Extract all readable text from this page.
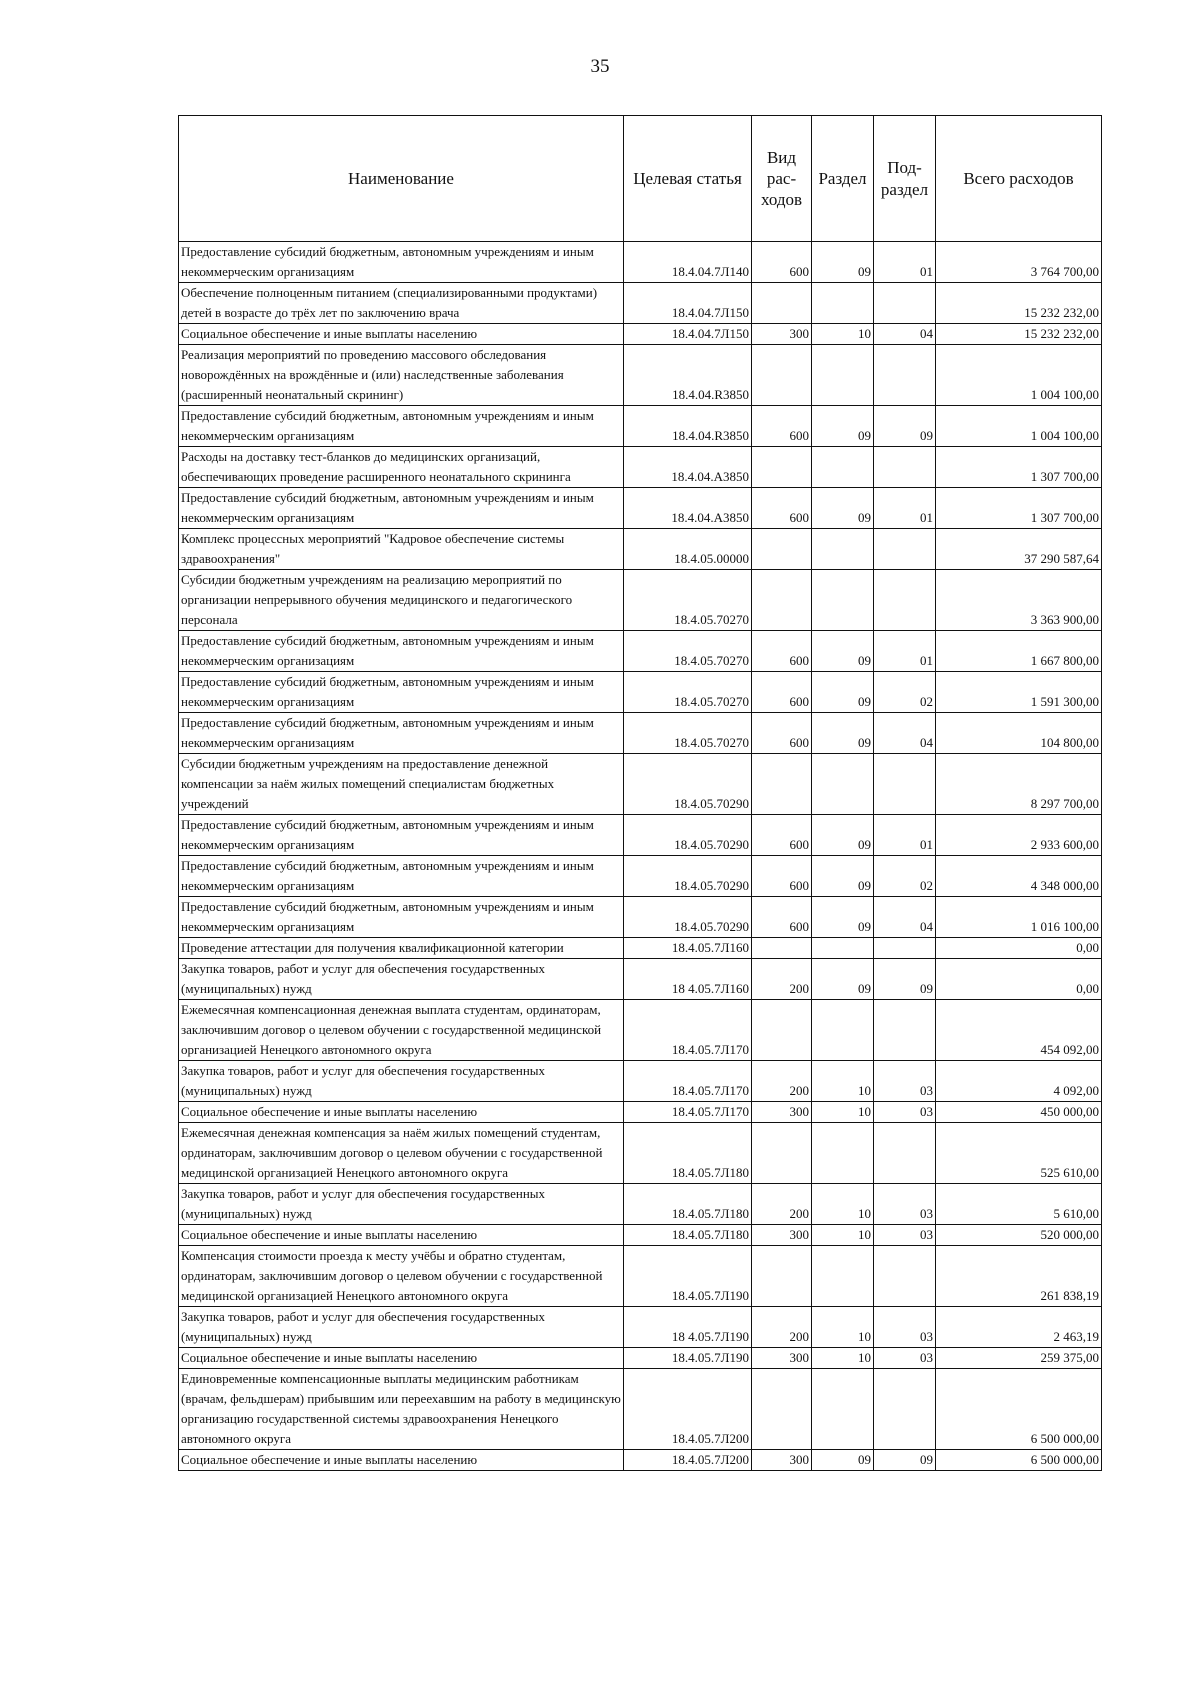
35
Наименование	Целевая статья	Вид рас-ходов	Раздел	Под-раздел	Всего расходов
Предоставление субсидий бюджетным, автономным учреждениям и иным некоммерческим организациям	18.4.04.7Л140	600	09	01	3 764 700,00
Обеспечение полноценным питанием (специализированными продуктами) детей в возрасте до трёх лет по заключению врача	18.4.04.7Л150				15 232 232,00
Социальное обеспечение и иные выплаты населению	18.4.04.7Л150	300	10	04	15 232 232,00
Реализация мероприятий по проведению массового обследования новорождённых на врождённые и (или) наследственные заболевания (расширенный неонатальный скрининг)	18.4.04.R3850				1 004 100,00
Предоставление субсидий бюджетным, автономным учреждениям и иным некоммерческим организациям	18.4.04.R3850	600	09	09	1 004 100,00
Расходы на доставку тест-бланков до медицинских организаций, обеспечивающих проведение расширенного неонатального скрининга	18.4.04.А3850				1 307 700,00
Предоставление субсидий бюджетным, автономным учреждениям и иным некоммерческим организациям	18.4.04.А3850	600	09	01	1 307 700,00
Комплекс процессных мероприятий "Кадровое обеспечение системы здравоохранения"	18.4.05.00000				37 290 587,64
Субсидии бюджетным учреждениям на реализацию мероприятий по организации непрерывного обучения медицинского и педагогического персонала	18.4.05.70270				3 363 900,00
Предоставление субсидий бюджетным, автономным учреждениям и иным некоммерческим организациям	18.4.05.70270	600	09	01	1 667 800,00
Предоставление субсидий бюджетным, автономным учреждениям и иным некоммерческим организациям	18.4.05.70270	600	09	02	1 591 300,00
Предоставление субсидий бюджетным, автономным учреждениям и иным некоммерческим организациям	18.4.05.70270	600	09	04	104 800,00
Субсидии бюджетным учреждениям на предоставление денежной компенсации за наём жилых помещений специалистам бюджетных учреждений	18.4.05.70290				8 297 700,00
Предоставление субсидий бюджетным, автономным учреждениям и иным некоммерческим организациям	18.4.05.70290	600	09	01	2 933 600,00
Предоставление субсидий бюджетным, автономным учреждениям и иным некоммерческим организациям	18.4.05.70290	600	09	02	4 348 000,00
Предоставление субсидий бюджетным, автономным учреждениям и иным некоммерческим организациям	18.4.05.70290	600	09	04	1 016 100,00
Проведение аттестации для получения квалификационной категории	18.4.05.7Л160				0,00
Закупка товаров, работ и услуг для обеспечения государственных (муниципальных) нужд	18 4.05.7Л160	200	09	09	0,00
Ежемесячная компенсационная денежная выплата студентам, ординаторам, заключившим договор о целевом обучении с государственной медицинской организацией Ненецкого автономного округа	18.4.05.7Л170				454 092,00
Закупка товаров, работ и услуг для обеспечения государственных (муниципальных) нужд	18.4.05.7Л170	200	10	03	4 092,00
Социальное обеспечение и иные выплаты населению	18.4.05.7Л170	300	10	03	450 000,00
Ежемесячная денежная компенсация за наём жилых помещений студентам, ординаторам, заключившим договор о целевом обучении с государственной медицинской организацией Ненецкого автономного округа	18.4.05.7Л180				525 610,00
Закупка товаров, работ и услуг для обеспечения государственных (муниципальных) нужд	18.4.05.7Л180	200	10	03	5 610,00
Социальное обеспечение и иные выплаты населению	18.4.05.7Л180	300	10	03	520 000,00
Компенсация стоимости проезда к месту учёбы и обратно студентам, ординаторам, заключившим договор о целевом обучении с государственной медицинской организацией Ненецкого автономного округа	18.4.05.7Л190				261 838,19
Закупка товаров, работ и услуг для обеспечения государственных (муниципальных) нужд	18 4.05.7Л190	200	10	03	2 463,19
Социальное обеспечение и иные выплаты населению	18.4.05.7Л190	300	10	03	259 375,00
Единовременные компенсационные выплаты медицинским работникам (врачам, фельдшерам) прибывшим или переехавшим на работу в медицинскую организацию государственной системы здравоохранения Ненецкого автономного округа	18.4.05.7Л200				6 500 000,00
Социальное обеспечение и иные выплаты населению	18.4.05.7Л200	300	09	09	6 500 000,00
